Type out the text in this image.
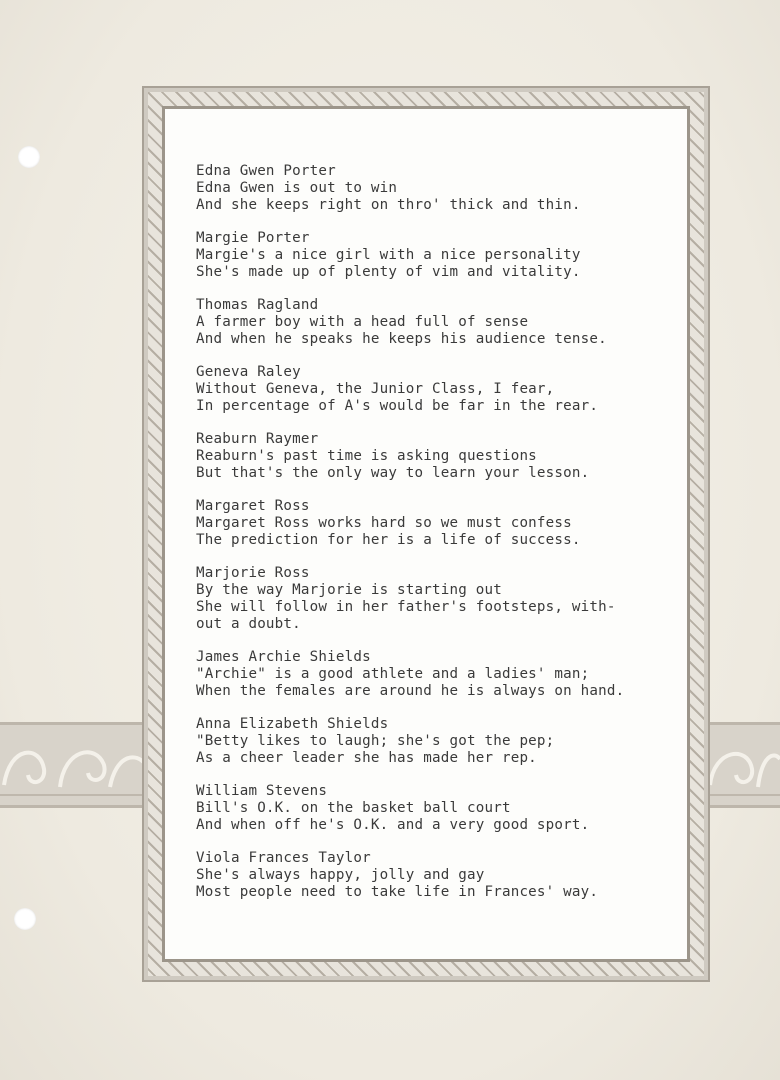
Edna Gwen Porter
Edna Gwen is out to win
And she keeps right on thro' thick and thin.
Margie Porter
Margie's a nice girl with a nice personality
She's made up of plenty of vim and vitality.
Thomas Ragland
A farmer boy with a head full of sense
And when he speaks he keeps his audience tense.
Geneva Raley
Without Geneva, the Junior Class, I fear,
In percentage of A's would be far in the rear.
Reaburn Raymer
Reaburn's past time is asking questions
But that's the only way to learn your lesson.
Margaret Ross
Margaret Ross works hard so we must confess
The prediction for her is a life of success.
Marjorie Ross
By the way Marjorie is starting out
She will follow in her father's footsteps, with-
out a doubt.
James Archie Shields
"Archie" is a good athlete and a ladies' man;
When the females are around he is always on hand.
Anna Elizabeth Shields
"Betty likes to laugh; she's got the pep;
As a cheer leader she has made her rep.
William Stevens
Bill's O.K. on the basket ball court
And when off he's O.K. and a very good sport.
Viola Frances Taylor
She's always happy, jolly and gay
Most people need to take life in Frances' way.
